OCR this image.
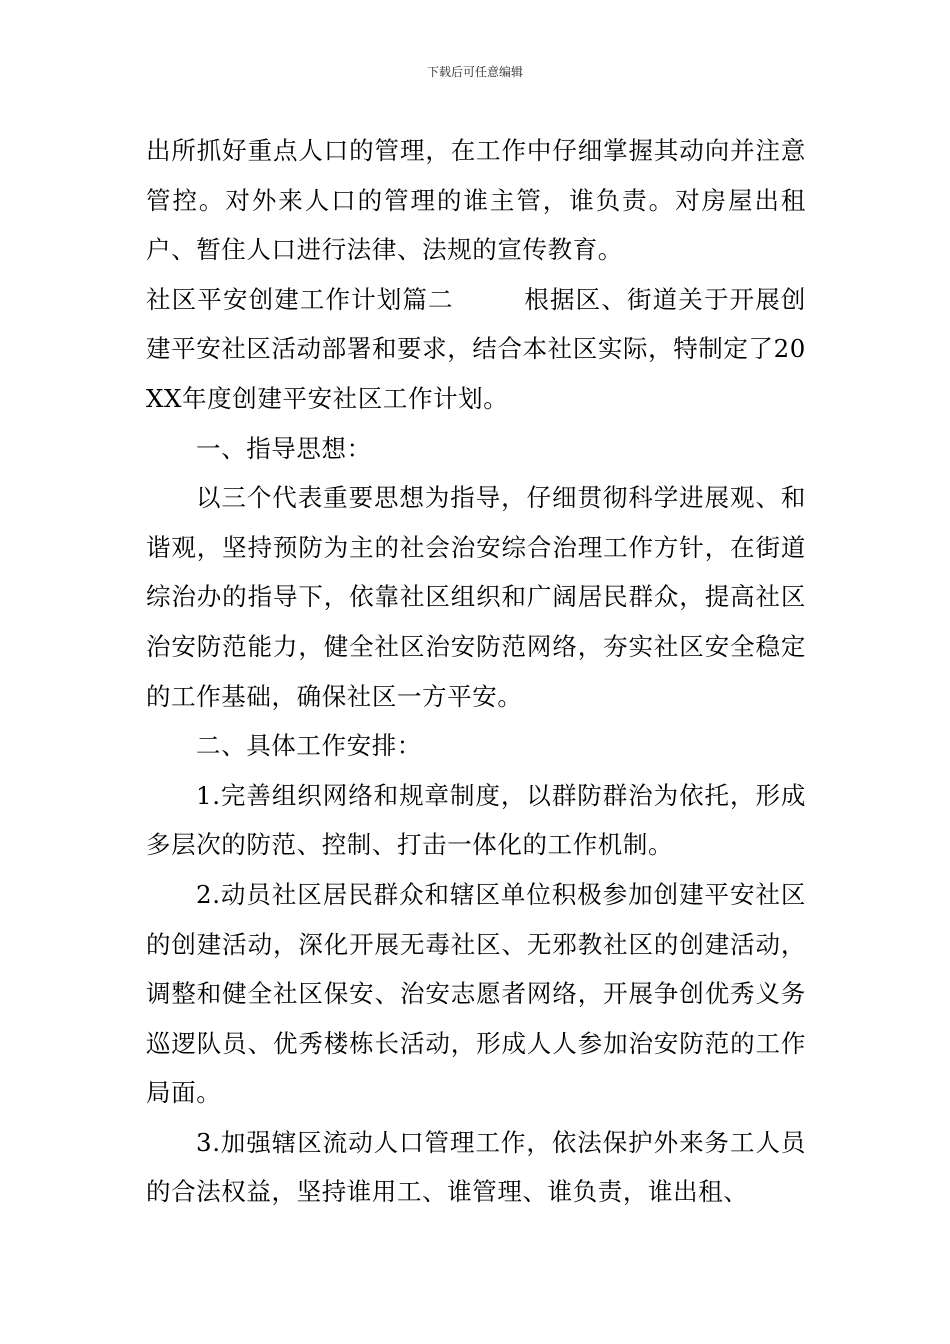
下载后可任意编辑

出所抓好重点人口的管理，在工作中仔细掌握其动向并注意管控。对外来人口的管理的谁主管，谁负责。对房屋出租户、暂住人口进行法律、法规的宣传教育。

社区平安创建工作计划篇二	根据区、街道关于开展创建平安社区活动部署和要求，结合本社区实际，特制定了20XX年度创建平安社区工作计划。

一、指导思想：

以三个代表重要思想为指导，仔细贯彻科学进展观、和谐观，坚持预防为主的社会治安综合治理工作方针，在街道综治办的指导下，依靠社区组织和广阔居民群众，提高社区治安防范能力，健全社区治安防范网络，夯实社区安全稳定的工作基础，确保社区一方平安。

二、具体工作安排：

1.完善组织网络和规章制度，以群防群治为依托，形成多层次的防范、控制、打击一体化的工作机制。

2.动员社区居民群众和辖区单位积极参加创建平安社区的创建活动，深化开展无毒社区、无邪教社区的创建活动，调整和健全社区保安、治安志愿者网络，开展争创优秀义务巡逻队员、优秀楼栋长活动，形成人人参加治安防范的工作局面。

3.加强辖区流动人口管理工作，依法保护外来务工人员的合法权益，坚持谁用工、谁管理、谁负责，谁出租、
